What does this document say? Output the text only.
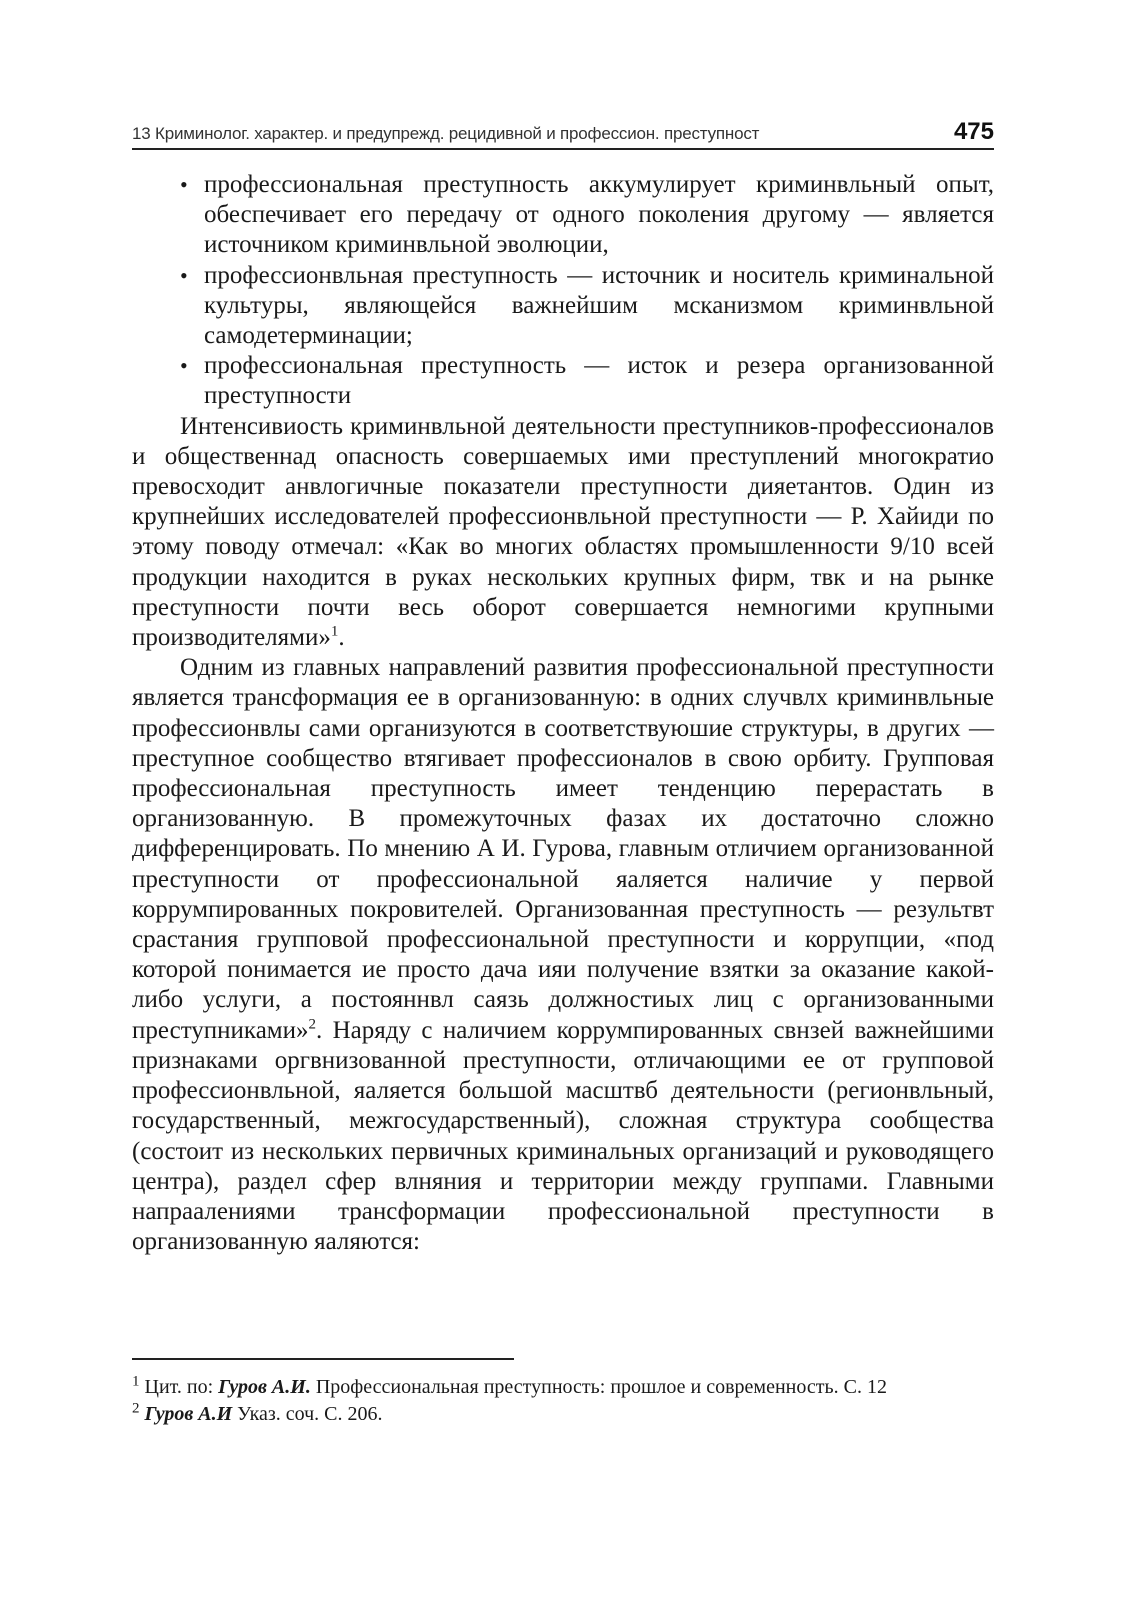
13 Криминолог. характер. и предупрежд. рецидивной и профессион. преступност	475
• профессиональная преступность аккумулирует криминвльный опыт, обеспечивает его передачу от одного поколения другому — является источником криминвльной эволюции,
• профессионвльная преступность — источник и носитель криминальной культуры, являющейся важнейшим мсканизмом криминвльной самодетерминации;
• профессиональная преступность — исток и резера организованной преступности

Интенсивиость криминвльной деятельности преступников-профессионалов и общественнад опасность совершаемых ими преступлений многократио превосходит анвлогичные показатели преступности дияетантов. Один из крупнейших исследователей профессионвльной преступности — Р. Хайиди по этому поводу отмечал: «Как во многих областях промышленности 9/10 всей продукции находится в руках нескольких крупных фирм, твк и на рынке преступности почти весь оборот совершается немногими крупными производителями»$^1$.

Одним из главных направлений развития профессиональной преступности является трансформация ее в организованную: в одних случвлх криминвльные профессионвлы сами организуются в соответствуюшие структуры, в других — преступное сообщество втягивает профессионалов в свою орбиту. Групповая профессиональная преступность имеет тенденцию перерастать в организованную. В промежуточных фазах их достаточно сложно дифференцировать. По мнению А И. Гурова, главным отличием организованной преступности от профессиональной яаляется наличие у первой коррумпированных покровителей. Организованная преступность — результвт срастания групповой профессиональной преступности и коррупции, «под которой понимается ие просто дача ияи получение взятки за оказание какой-либо услуги, а постояннвл саязь должностиых лиц с организованными преступниками»$^2$. Наряду с наличием коррумпированных свнзей важнейшими признаками оргвнизованной преступности, отличающими ее от групповой профессионвльной, яаляется большой масштвб деятельности (регионвльный, государственный, межгосударственный), сложная структура сообщества (состоит из нескольких первичных криминальных организаций и руководящего центра), раздел сфер влняния и территории между группами. Главными напраалениями трансформации профессиональной преступности в организованную яаляются:

$^1$ Цит. по: Гуров А.И. Профессиональная преступность: прошлое и современность. С. 12

$^2$ Гуров А.И Указ. соч. С. 206.
